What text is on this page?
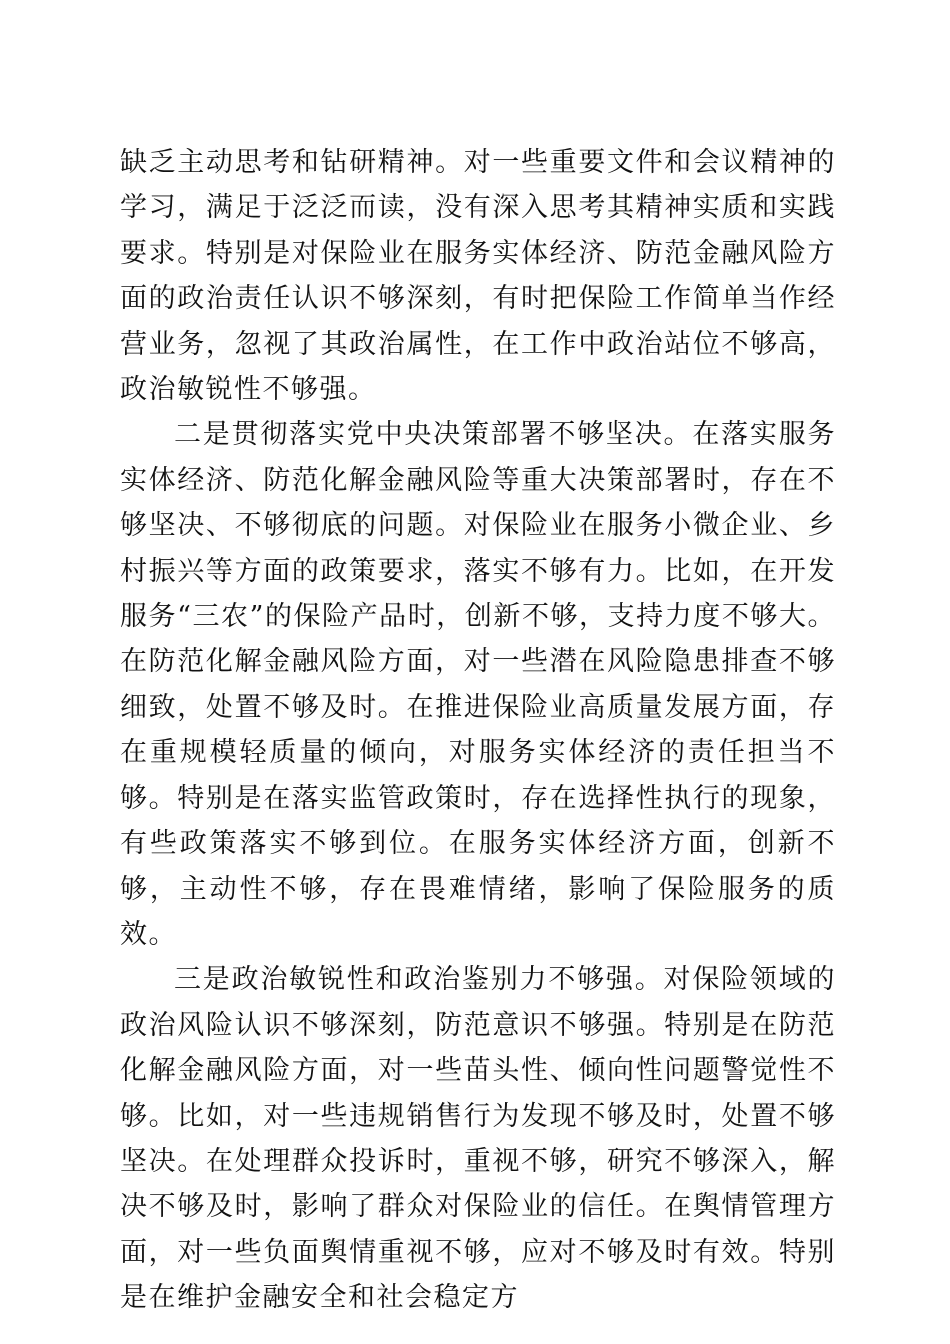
缺乏主动思考和钻研精神。对一些重要文件和会议精神的学习，满足于泛泛而读，没有深入思考其精神实质和实践要求。特别是对保险业在服务实体经济、防范金融风险方面的政治责任认识不够深刻，有时把保险工作简单当作经营业务，忽视了其政治属性，在工作中政治站位不够高，政治敏锐性不够强。

二是贯彻落实党中央决策部署不够坚决。在落实服务实体经济、防范化解金融风险等重大决策部署时，存在不够坚决、不够彻底的问题。对保险业在服务小微企业、乡村振兴等方面的政策要求，落实不够有力。比如，在开发服务“三农”的保险产品时，创新不够，支持力度不够大。在防范化解金融风险方面，对一些潜在风险隐患排查不够细致，处置不够及时。在推进保险业高质量发展方面，存在重规模轻质量的倾向，对服务实体经济的责任担当不够。特别是在落实监管政策时，存在选择性执行的现象，有些政策落实不够到位。在服务实体经济方面，创新不够，主动性不够，存在畏难情绪，影响了保险服务的质效。

三是政治敏锐性和政治鉴别力不够强。对保险领域的政治风险认识不够深刻，防范意识不够强。特别是在防范化解金融风险方面，对一些苗头性、倾向性问题警觉性不够。比如，对一些违规销售行为发现不够及时，处置不够坚决。在处理群众投诉时，重视不够，研究不够深入，解决不够及时，影响了群众对保险业的信任。在舆情管理方面，对一些负面舆情重视不够，应对不够及时有效。特别是在维护金融安全和社会稳定方
